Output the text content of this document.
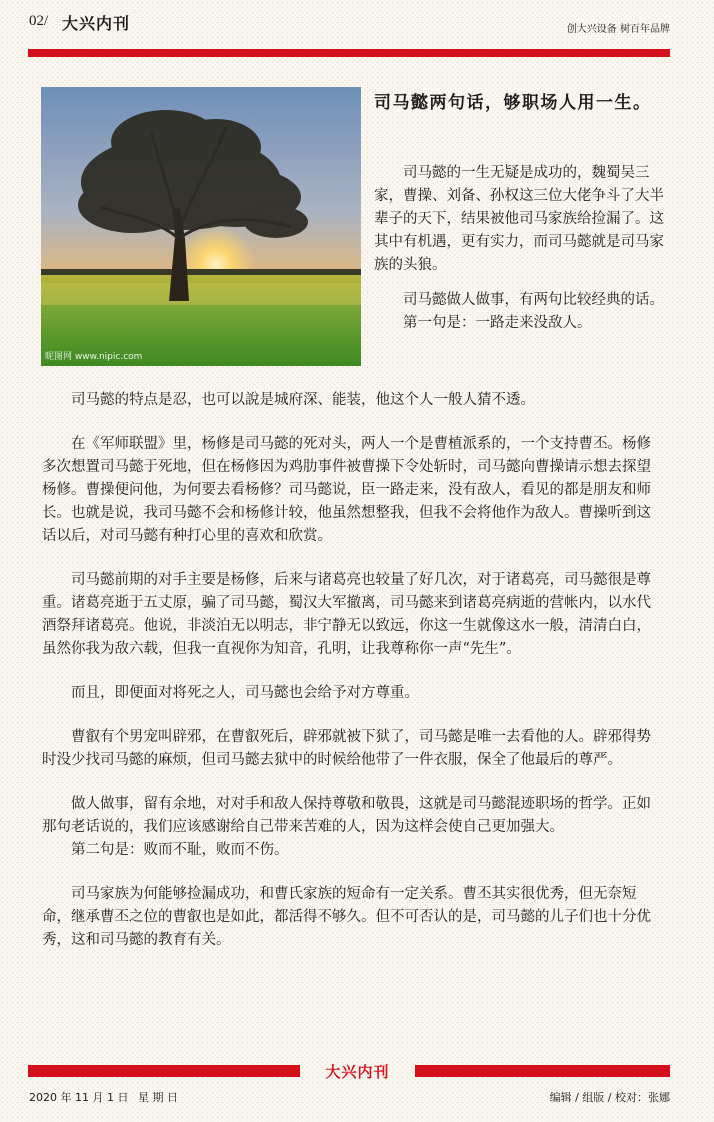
02/ 大兴内刊	创大兴设备 树百年品牌
昵图网 www.nipic.com
司马懿两句话，够职场人用一生。

司马懿的一生无疑是成功的，魏蜀吴三家，曹操、刘备、孙权这三位大佬争斗了大半辈子的天下，结果被他司马家族给捡漏了。这其中有机遇，更有实力，而司马懿就是司马家族的头狼。

司马懿做人做事，有两句比较经典的话。

第一句是：一路走来没敌人。

司马懿的特点是忍，也可以說是城府深、能装，他这个人一般人猜不透。

在《军师联盟》里，杨修是司马懿的死对头，两人一个是曹植派系的，一个支持曹丕。杨修多次想置司马懿于死地，但在杨修因为鸡肋事件被曹操下令处斩时，司马懿向曹操请示想去探望杨修。曹操便问他，为何要去看杨修？司马懿说，臣一路走来，没有敌人，看见的都是朋友和师长。也就是说，我司马懿不会和杨修计较，他虽然想整我，但我不会将他作为敌人。曹操听到这话以后，对司马懿有种打心里的喜欢和欣赏。

司马懿前期的对手主要是杨修，后来与诸葛亮也较量了好几次，对于诸葛亮，司马懿很是尊重。诸葛亮逝于五丈原，骗了司马懿，蜀汉大军撤离，司马懿来到诸葛亮病逝的营帐内，以水代酒祭拜诸葛亮。他说，非淡泊无以明志，非宁静无以致远，你这一生就像这水一般，清清白白，虽然你我为敌六载，但我一直视你为知音，孔明，让我尊称你一声“先生”。

而且，即便面对将死之人，司马懿也会给予对方尊重。

曹叡有个男宠叫辟邪，在曹叡死后，辟邪就被下狱了，司马懿是唯一去看他的人。辟邪得势时没少找司马懿的麻烦，但司马懿去狱中的时候给他带了一件衣服，保全了他最后的尊严。

做人做事，留有余地，对对手和敌人保持尊敬和敬畏，这就是司马懿混迹职场的哲学。正如那句老话说的，我们应该感谢给自己带来苦难的人，因为这样会使自己更加强大。

第二句是：败而不耻，败而不伤。

司马家族为何能够捡漏成功，和曹氏家族的短命有一定关系。曹丕其实很优秀，但无奈短命，继承曹丕之位的曹叡也是如此，都活得不够久。但不可否认的是，司马懿的儿子们也十分优秀，这和司马懿的教育有关。

大兴内刊
2020 年 11 月 1 日 星 期 日	编辑 / 组版 / 校对：张娜
